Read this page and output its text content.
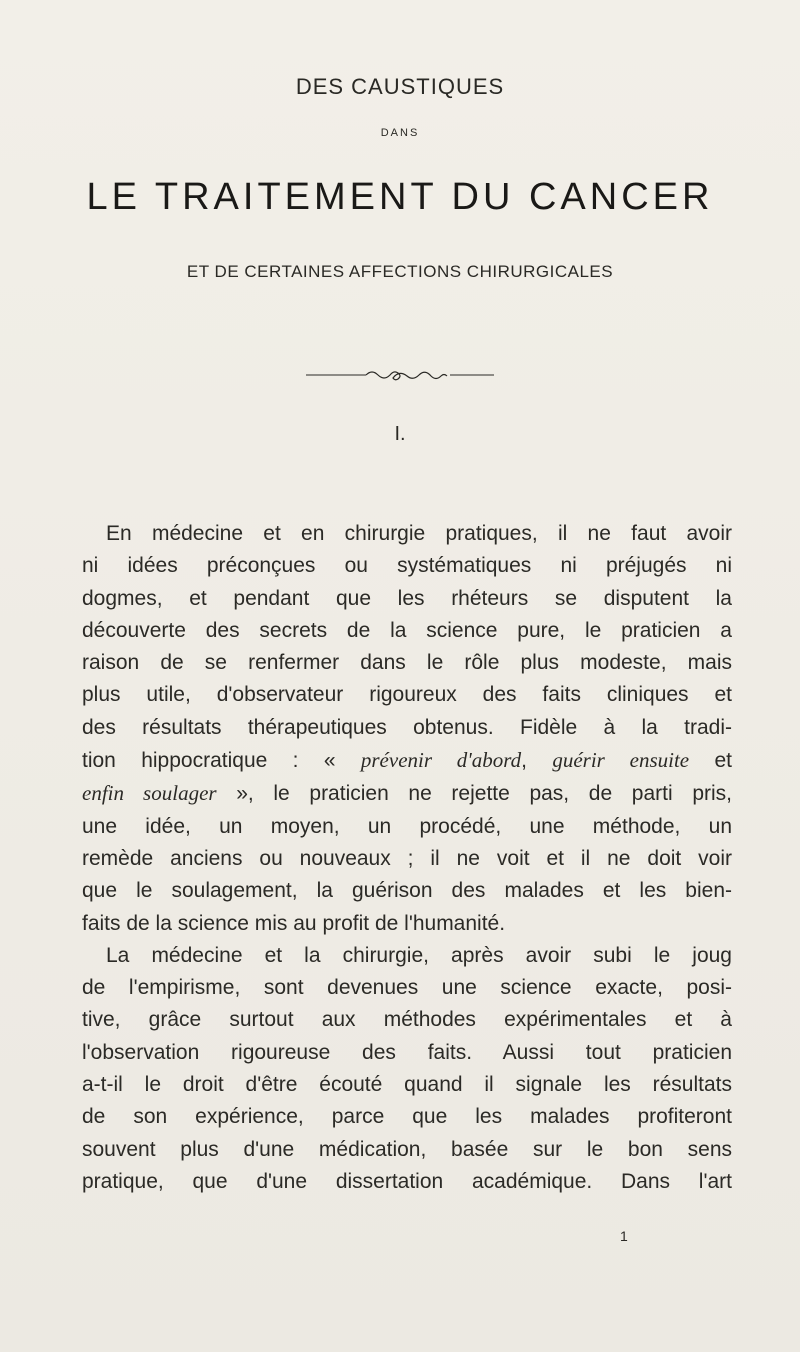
DES CAUSTIQUES
DANS
LE TRAITEMENT DU CANCER
ET DE CERTAINES AFFECTIONS CHIRURGICALES
I.

En médecine et en chirurgie pratiques, il ne faut avoir

ni idées préconçues ou systématiques ni préjugés ni

dogmes, et pendant que les rhéteurs se disputent la

découverte des secrets de la science pure, le praticien a

raison de se renfermer dans le rôle plus modeste, mais

plus utile, d'observateur rigoureux des faits cliniques et

des résultats thérapeutiques obtenus. Fidèle à la tradi-

tion hippocratique : « prévenir d'abord, guérir ensuite et

enfin soulager », le praticien ne rejette pas, de parti pris,

une idée, un moyen, un procédé, une méthode, un

remède anciens ou nouveaux ; il ne voit et il ne doit voir

que le soulagement, la guérison des malades et les bien-

faits de la science mis au profit de l'humanité.

La médecine et la chirurgie, après avoir subi le joug

de l'empirisme, sont devenues une science exacte, posi-

tive, grâce surtout aux méthodes expérimentales et à

l'observation rigoureuse des faits. Aussi tout praticien

a-t-il le droit d'être écouté quand il signale les résultats

de son expérience, parce que les malades profiteront

souvent plus d'une médication, basée sur le bon sens

pratique, que d'une dissertation académique. Dans l'art

1
